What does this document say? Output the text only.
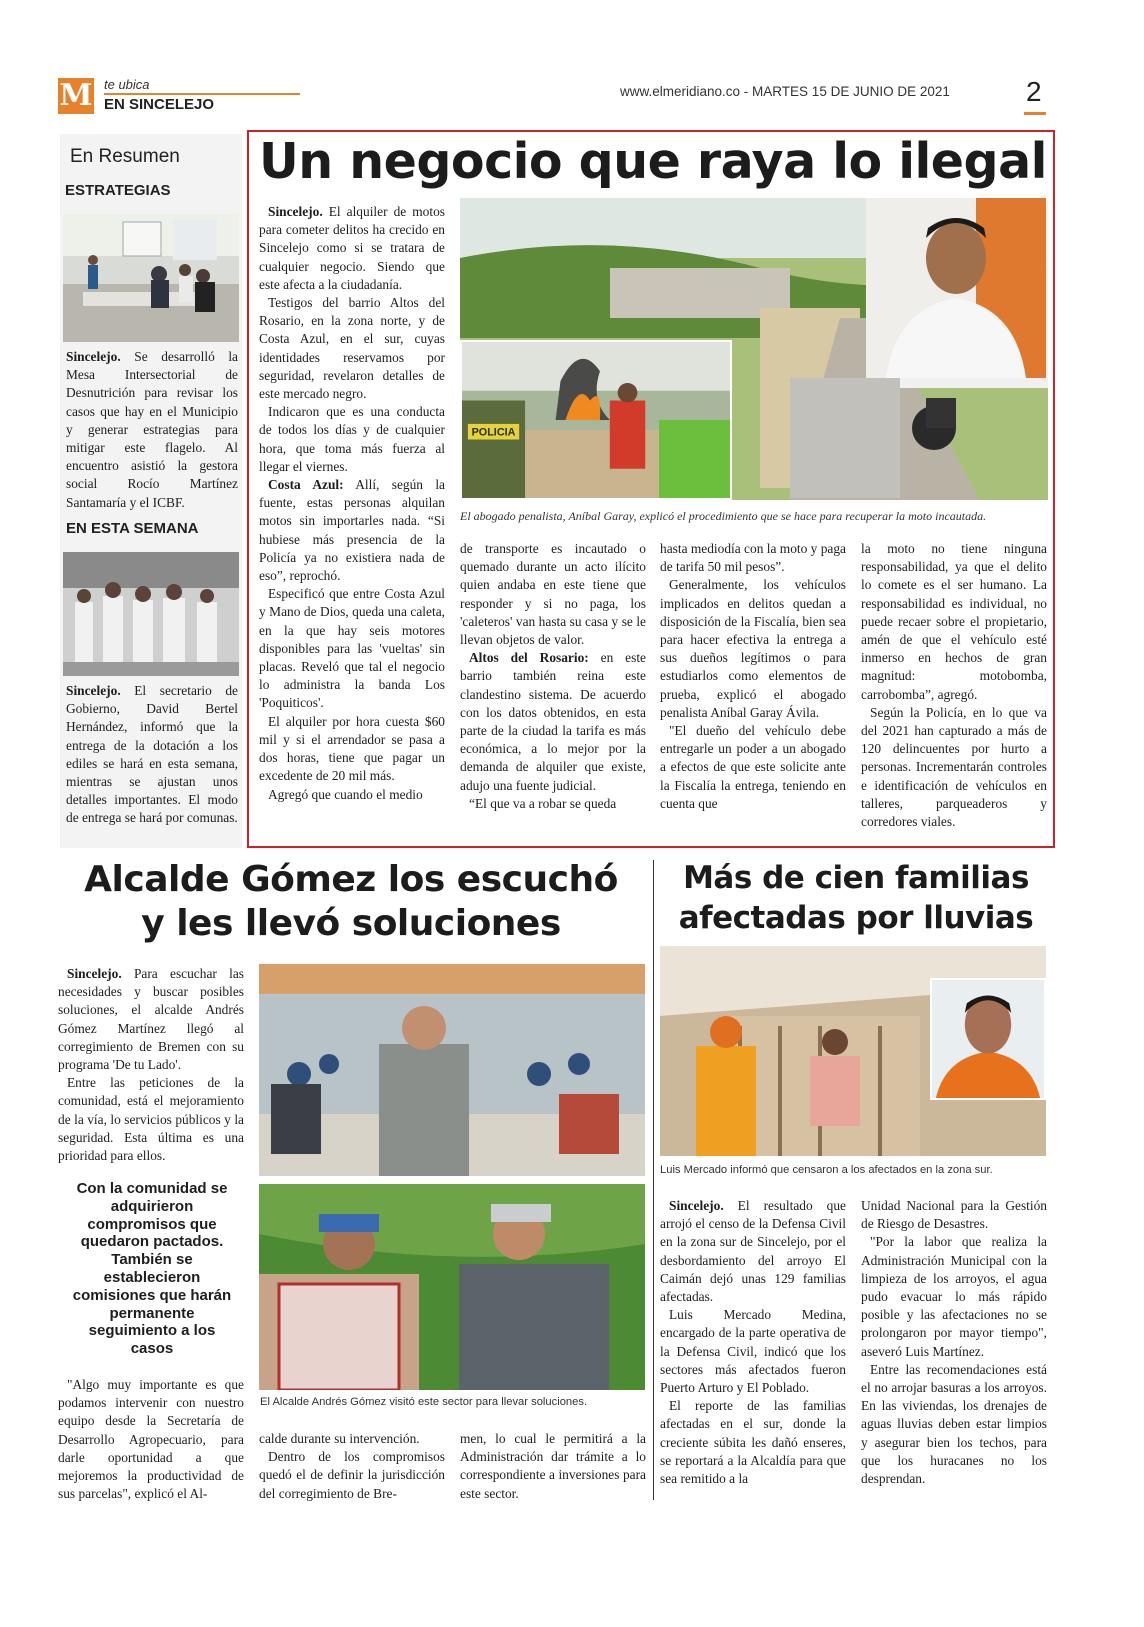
M te ubica
EN SINCELEJO
www.elmeridiano.co - MARTES 15 DE JUNIO DE 2021	2
En Resumen
ESTRATEGIAS

Sincelejo. Se desarrolló la Mesa Intersectorial de Desnutrición para revisar los casos que hay en el Municipio y generar estrategias para mitigar este flagelo. Al encuentro asistió la gestora social Rocío Martínez Santamaría y el ICBF.

EN ESTA SEMANA

Sincelejo. El secretario de Gobierno, David Bertel Hernández, informó que la entrega de la dotación a los ediles se hará en esta semana, mientras se ajustan unos detalles importantes. El modo de entrega se hará por comunas.

Un negocio que raya lo ilegal
POLICIA
El abogado penalista, Aníbal Garay, explicó el procedimiento que se hace para recuperar la moto incautada.

Sincelejo. El alquiler de motos para cometer delitos ha crecido en Sincelejo como si se tratara de cualquier negocio. Siendo que este afecta a la ciudadanía.

Testigos del barrio Altos del Rosario, en la zona norte, y de Costa Azul, en el sur, cuyas identidades reservamos por seguridad, revelaron detalles de este mercado negro.

Indicaron que es una conducta de todos los días y de cualquier hora, que toma más fuerza al llegar el viernes.

Costa Azul: Allí, según la fuente, estas personas alquilan motos sin importarles nada. “Si hubiese más presencia de la Policía ya no existiera nada de eso”, reprochó.

Especificó que entre Costa Azul y Mano de Dios, queda una caleta, en la que hay seis motores disponibles para las 'vueltas' sin placas. Reveló que tal el negocio lo administra la banda Los 'Poquiticos'.

El alquiler por hora cuesta $60 mil y si el arrendador se pasa a dos horas, tiene que pagar un excedente de 20 mil más.

Agregó que cuando el medio

de transporte es incautado o quemado durante un acto ilícito quien andaba en este tiene que responder y si no paga, los 'caleteros' van hasta su casa y se le llevan objetos de valor.

Altos del Rosario: en este barrio también reina este clandestino sistema. De acuerdo con los datos obtenidos, en esta parte de la ciudad la tarifa es más económica, a lo mejor por la demanda de alquiler que existe, adujo una fuente judicial.

“El que va a robar se queda

hasta mediodía con la moto y paga de tarifa 50 mil pesos”.

Generalmente, los vehículos implicados en delitos quedan a disposición de la Fiscalía, bien sea para hacer efectiva la entrega a sus dueños legítimos o para estudiarlos como elementos de prueba, explicó el abogado penalista Aníbal Garay Ávila.

"El dueño del vehículo debe entregarle un poder a un abogado a efectos de que este solicite ante la Fiscalía la entrega, teniendo en cuenta que

la moto no tiene ninguna responsabilidad, ya que el delito lo comete es el ser humano. La responsabilidad es individual, no puede recaer sobre el propietario, amén de que el vehículo esté inmerso en hechos de gran magnitud: motobomba, carrobomba”, agregó.

Según la Policía, en lo que va del 2021 han capturado a más de 120 delincuentes por hurto a personas. Incrementarán controles e identificación de vehículos en talleres, parqueaderos y corredores viales.

Alcalde Gómez los escuchó
y les llevó soluciones

Sincelejo. Para escuchar las necesidades y buscar posibles soluciones, el alcalde Andrés Gómez Martínez llegó al corregimiento de Bremen con su programa 'De tu Lado'.

Entre las peticiones de la comunidad, está el mejoramiento de la vía, lo servicios públicos y la seguridad. Esta última es una prioridad para ellos.

Con la comunidad se adquirieron compromisos que quedaron pactados. También se establecieron comisiones que harán permanente seguimiento a los casos

"Algo muy importante es que podamos intervenir con nuestro equipo desde la Secretaría de Desarrollo Agropecuario, para darle oportunidad a que mejoremos la productividad de sus parcelas", explicó el Al-

El Alcalde Andrés Gómez visitó este sector para llevar soluciones.

calde durante su intervención.

Dentro de los compromisos quedó el de definir la jurisdicción del corregimiento de Bre-

men, lo cual le permitirá a la Administración dar trámite a lo correspondiente a inversiones para este sector.

Más de cien familias
afectadas por lluvias
Luis Mercado informó que censaron a los afectados en la zona sur.

Sincelejo. El resultado que arrojó el censo de la Defensa Civil en la zona sur de Sincelejo, por el desbordamiento del arroyo El Caimán dejó unas 129 familias afectadas.

Luis Mercado Medina, encargado de la parte operativa de la Defensa Civil, indicó que los sectores más afectados fueron Puerto Arturo y El Poblado.

El reporte de las familias afectadas en el sur, donde la creciente súbita les dañó enseres, se reportará a la Alcaldía para que sea remitido a la

Unidad Nacional para la Gestión de Riesgo de Desastres.

"Por la labor que realiza la Administración Municipal con la limpieza de los arroyos, el agua pudo evacuar lo más rápido posible y las afectaciones no se prolongaron por mayor tiempo", aseveró Luis Martínez.

Entre las recomendaciones está el no arrojar basuras a los arroyos. En las viviendas, los drenajes de aguas lluvias deben estar limpios y asegurar bien los techos, para que los huracanes no los desprendan.
